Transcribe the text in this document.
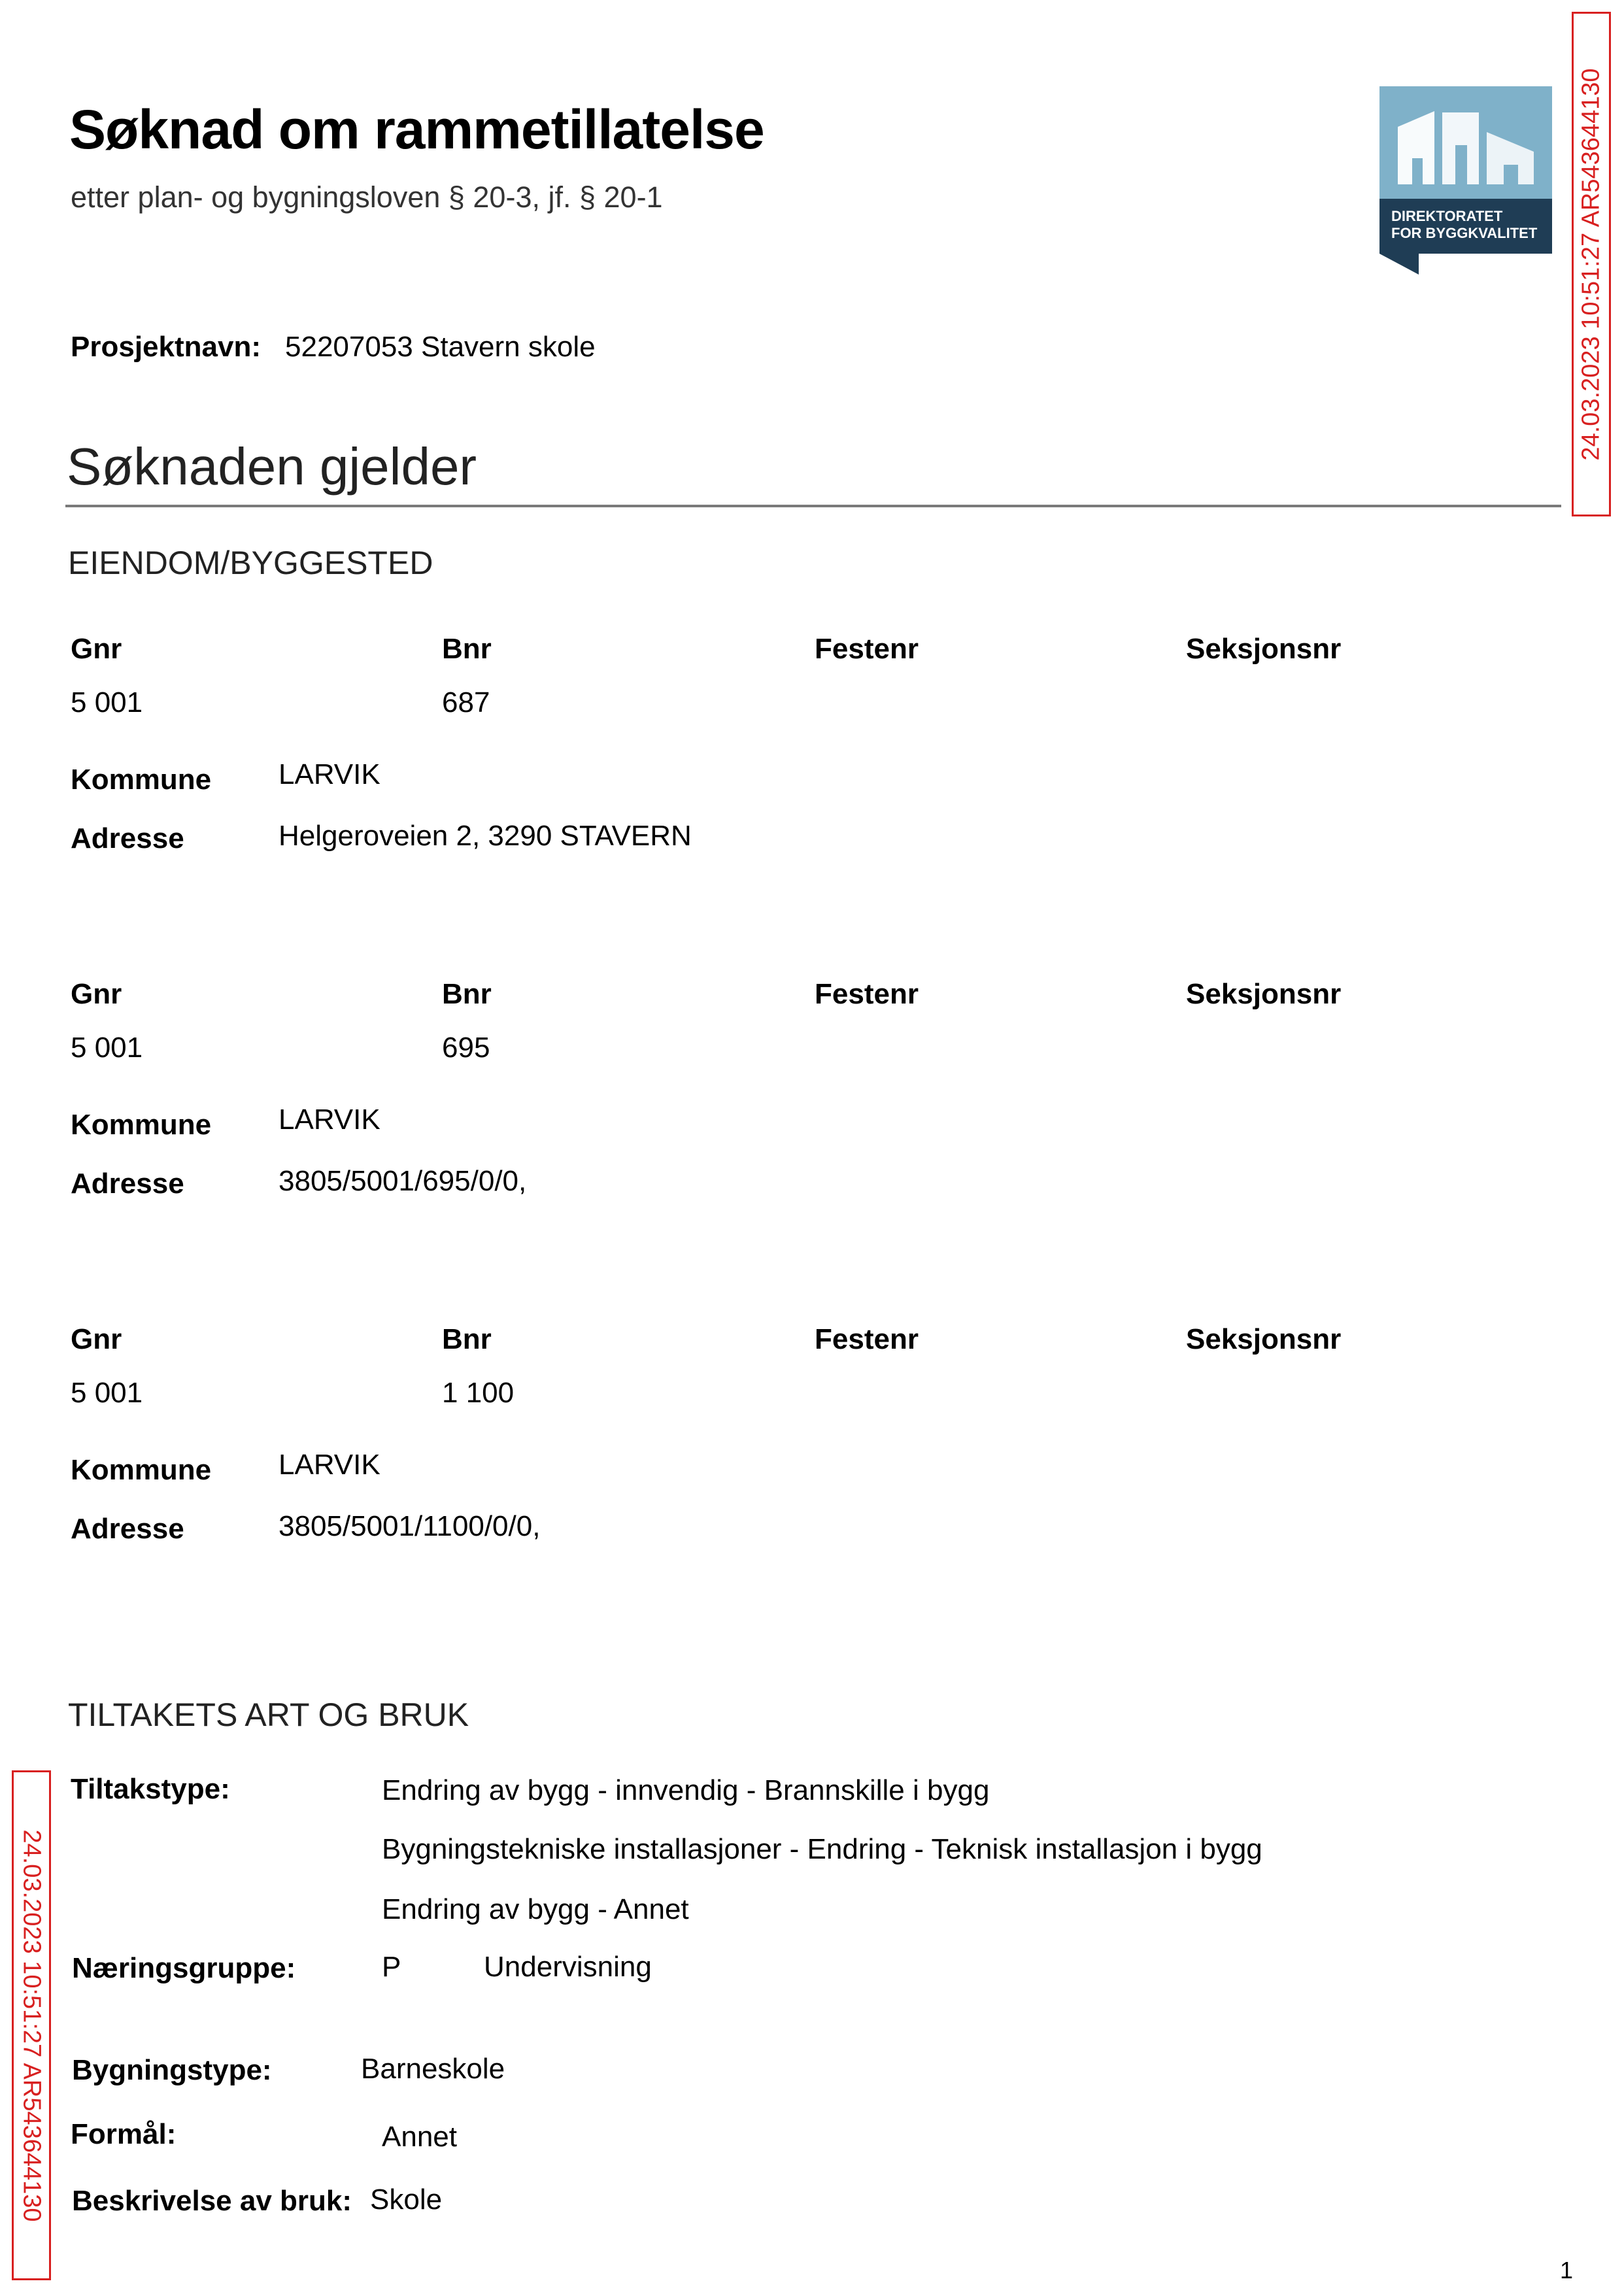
Søknad om rammetillatelse
etter plan- og bygningsloven § 20-3, jf. § 20-1
DIREKTORATET
FOR BYGGKVALITET
Prosjektnavn: 52207053 Stavern skole
Søknaden gjelder
EIENDOM/BYGGESTED
Gnr	Bnr	Festenr	Seksjonsnr
5 001	687
Kommune LARVIK
Adresse	Helgeroveien 2, 3290 STAVERN
Gnr	Bnr	Festenr	Seksjonsnr
5 001	695
Kommune LARVIK
Adresse	3805/5001/695/0/0,
Gnr	Bnr	Festenr	Seksjonsnr
5 001	1 100
Kommune LARVIK
Adresse	3805/5001/1100/0/0,
TILTAKETS ART OG BRUK
Tiltakstype:	Endring av bygg - innvendig - Brannskille i bygg
Bygningstekniske installasjoner - Endring - Teknisk installasjon i bygg
Endring av bygg - Annet
Næringsgruppe:	P	Undervisning
Bygningstype:	Barneskole
Formål:	Annet
Beskrivelse av bruk: Skole
24.03.2023 10:51:27 AR543644130
24.03.2023 10:51:27 AR543644130
1
